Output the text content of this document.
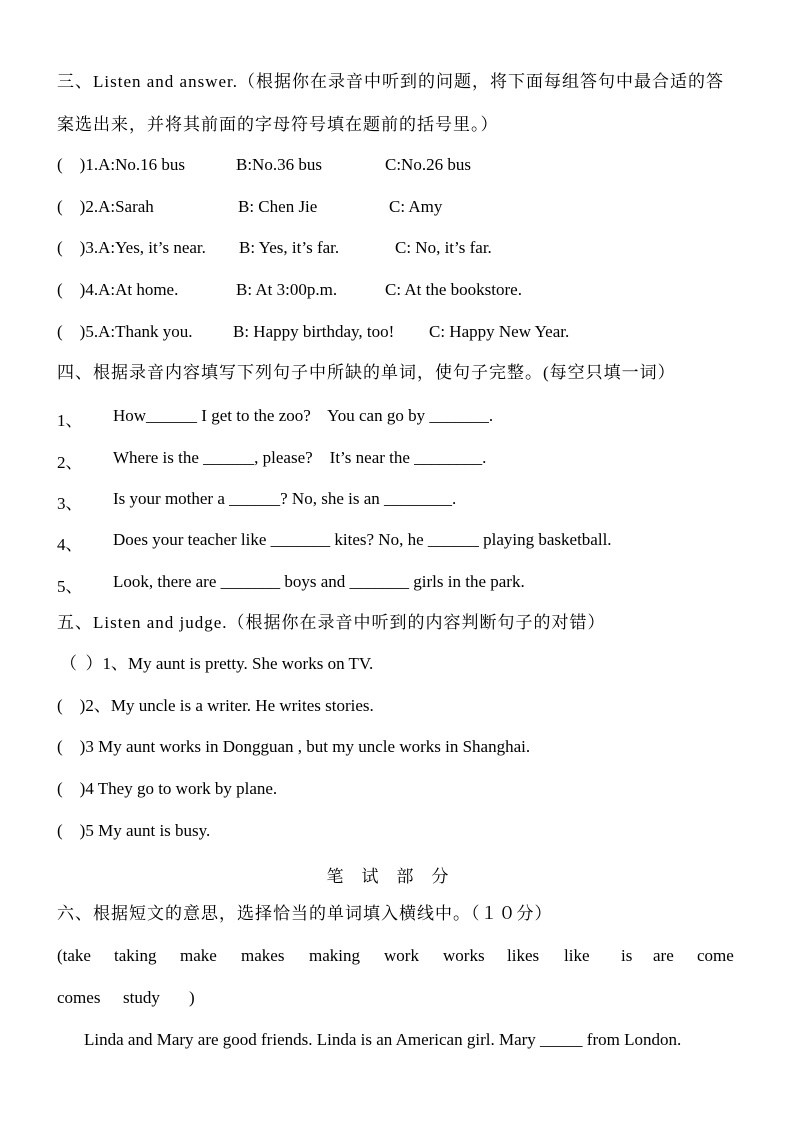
三、Listen and answer.（根据你在录音中听到的问题，将下面每组答句中最合适的答
案选出来，并将其前面的字母符号填在题前的括号里。）
(    )1.A:No.16 bus	B:No.36 bus	C:No.26 bus
(    )2.A:Sarah	B: Chen Jie	C: Amy
(    )3.A:Yes, it’s near. B: Yes, it’s far.	C: No, it’s far.
(    )4.A:At home.	B: At 3:00p.m.	C: At the bookstore.
(    )5.A:Thank you. B: Happy birthday, too! C: Happy New Year.
四、根据录音内容填写下列句子中所缺的单词，使句子完整。(每空只填一词）
1、 How______ I get to the zoo?    You can go by _______.
2、 Where is the ______, please?    It’s near the ________.
3、 Is your mother a ______? No, she is an ________.
4、 Does your teacher like _______ kites? No, he ______ playing basketball.
5、 Look, there are _______ boys and _______ girls in the park.
五、Listen and judge.（根据你在录音中听到的内容判断句子的对错）
（  ）1、My aunt is pretty. She works on TV.
(    )2、My uncle is a writer. He writes stories.
(    )3 My aunt works in Dongguan , but my uncle works in Shanghai.
(    )4 They go to work by plane.
(    )5 My aunt is busy.
笔试部分
六、根据短文的意思，选择恰当的单词填入横线中。（１０分）
(take taking make makes making work works likes like is are come
comes study )
Linda and Mary are good friends. Linda is an American girl. Mary _____ from London.
